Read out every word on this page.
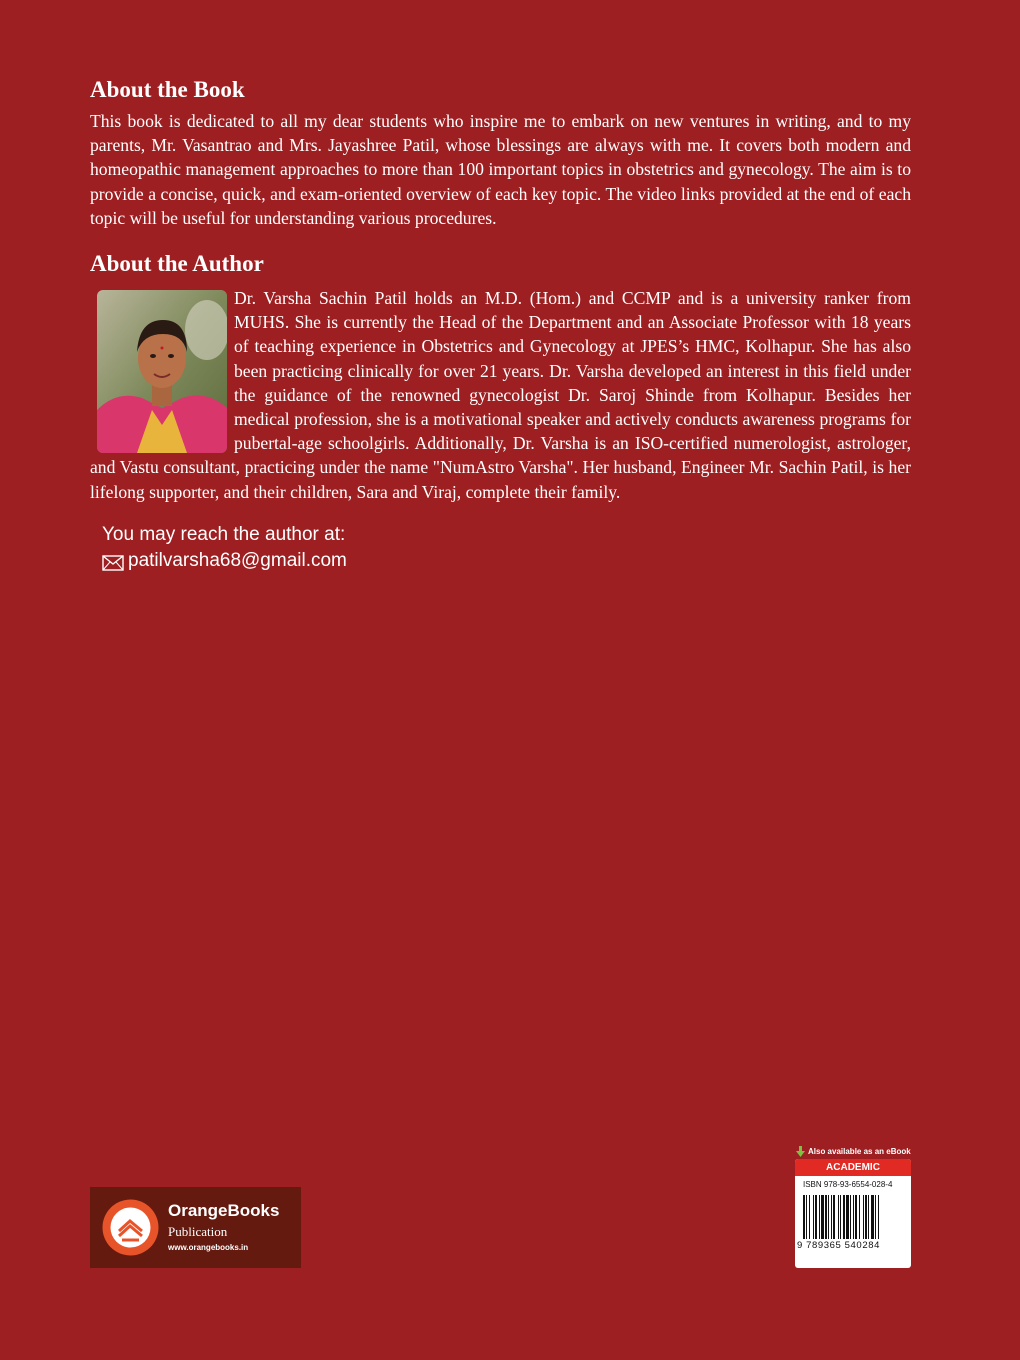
About the Book

This book is dedicated to all my dear students who inspire me to embark on new ventures in writing, and to my parents, Mr. Vasantrao and Mrs. Jayashree Patil, whose blessings are always with me. It covers both modern and homeopathic management approaches to more than 100 important topics in obstetrics and gynecology. The aim is to provide a concise, quick, and exam-oriented overview of each key topic. The video links provided at the end of each topic will be useful for understanding various procedures.

About the Author

Dr. Varsha Sachin Patil holds an M.D. (Hom.) and CCMP and is a university ranker from MUHS. She is currently the Head of the Department and an Associate Professor with 18 years of teaching experience in Obstetrics and Gynecology at JPES’s HMC, Kolhapur. She has also been practicing clinically for over 21 years. Dr. Varsha developed an interest in this field under the guidance of the renowned gynecologist Dr. Saroj Shinde from Kolhapur. Besides her medical profession, she is a motivational speaker and actively conducts awareness programs for pubertal-age schoolgirls. Additionally, Dr. Varsha is an ISO-certified numerologist, astrologer, and Vastu consultant, practicing under the name "NumAstro Varsha". Her husband, Engineer Mr. Sachin Patil, is her lifelong supporter, and their children, Sara and Viraj, complete their family.

You may reach the author at:
patilvarsha68@gmail.com
OrangeBooks
Publication
www.orangebooks.in
Also available as an eBook
ACADEMIC
ISBN 978-93-6554-028-4
9 789365 540284
